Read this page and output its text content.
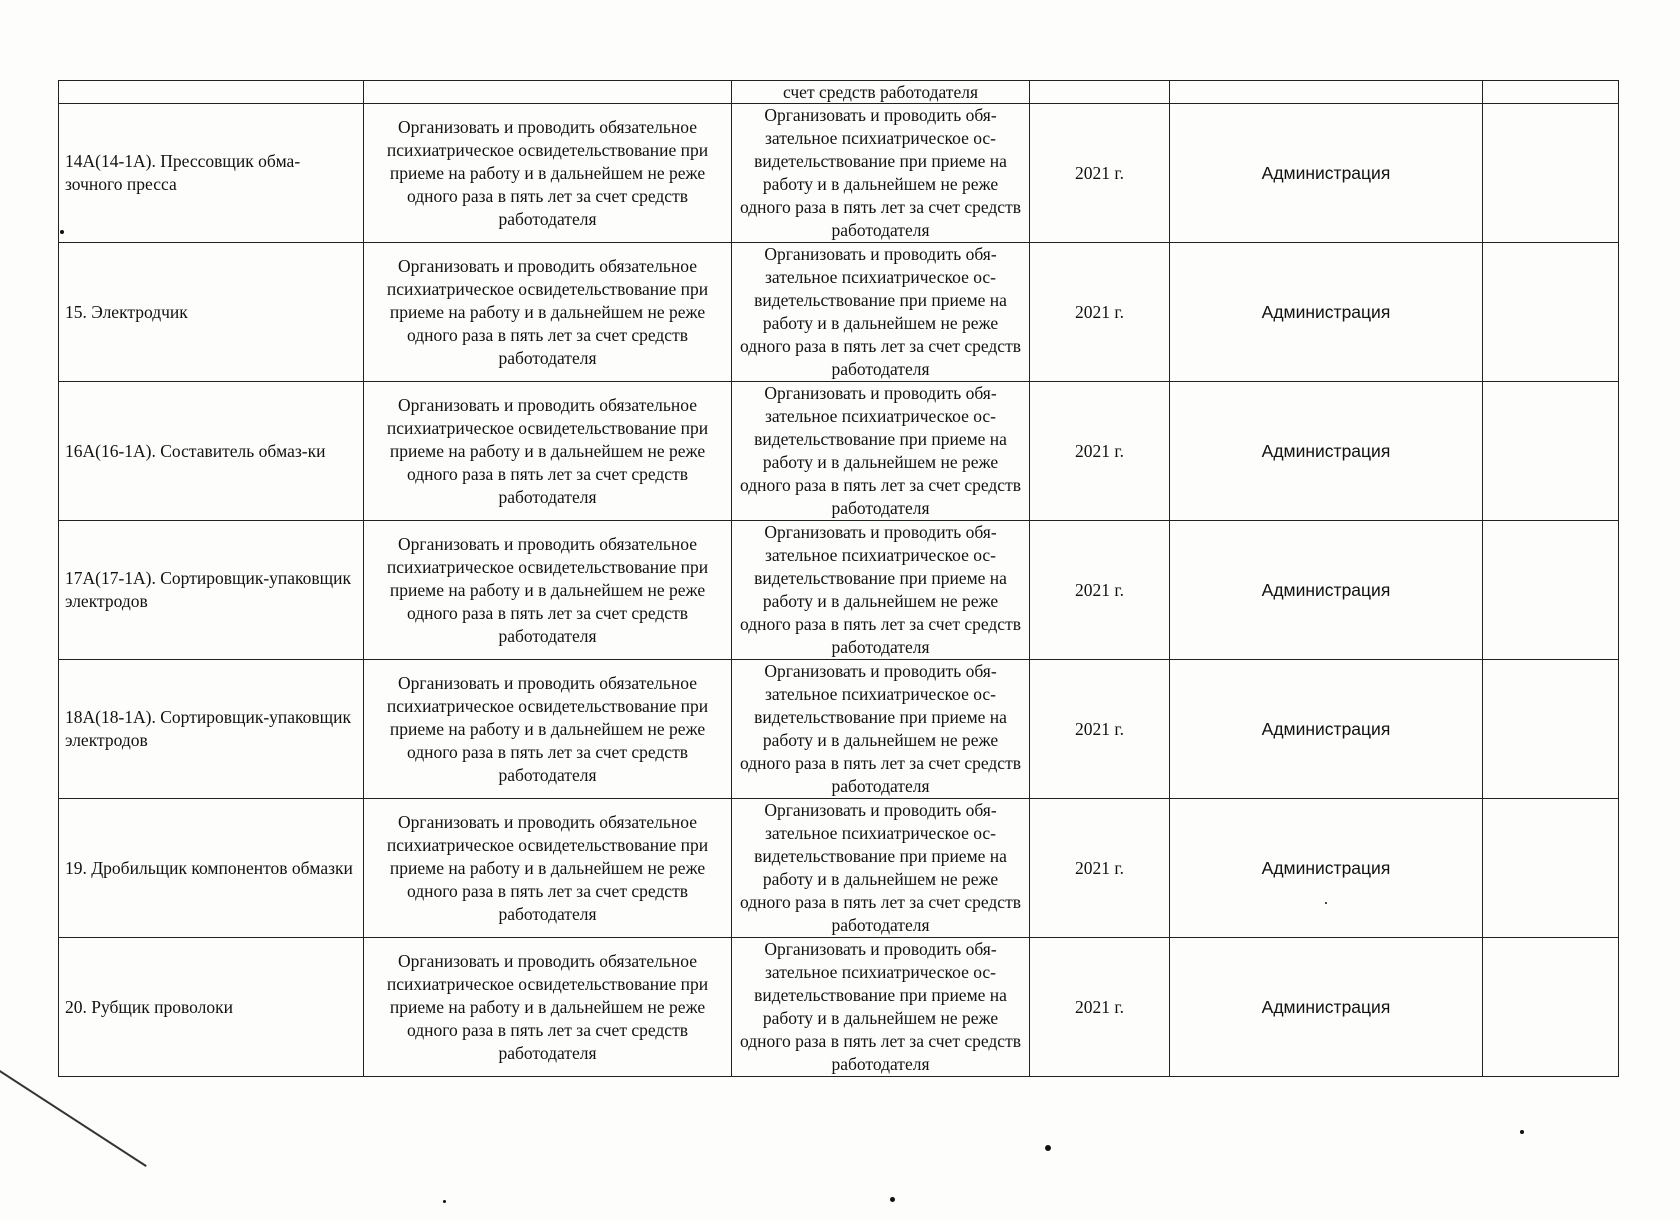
		счет средств работодателя			
14А(14-1А). Прессовщик обма-зочного пресса	Организовать и проводить обязательное психиатрическое освидетельствование при приеме на работу и в дальнейшем не реже одного раза в пять лет за счет средств работодателя	Организовать и проводить обя-зательное психиатрическое ос-видетельствование при приеме на работу и в дальнейшем не реже одного раза в пять лет за счет средств работодателя	2021 г.	Администрация	
15. Электродчик	Организовать и проводить обязательное психиатрическое освидетельствование при приеме на работу и в дальнейшем не реже одного раза в пять лет за счет средств работодателя	Организовать и проводить обя-зательное психиатрическое ос-видетельствование при приеме на работу и в дальнейшем не реже одного раза в пять лет за счет средств работодателя	2021 г.	Администрация	
16А(16-1А). Составитель обмаз-ки	Организовать и проводить обязательное психиатрическое освидетельствование при приеме на работу и в дальнейшем не реже одного раза в пять лет за счет средств работодателя	Организовать и проводить обя-зательное психиатрическое ос-видетельствование при приеме на работу и в дальнейшем не реже одного раза в пять лет за счет средств работодателя	2021 г.	Администрация	
17А(17-1А). Сортировщик-упаковщик электродов	Организовать и проводить обязательное психиатрическое освидетельствование при приеме на работу и в дальнейшем не реже одного раза в пять лет за счет средств работодателя	Организовать и проводить обя-зательное психиатрическое ос-видетельствование при приеме на работу и в дальнейшем не реже одного раза в пять лет за счет средств работодателя	2021 г.	Администрация	
18А(18-1А). Сортировщик-упаковщик электродов	Организовать и проводить обязательное психиатрическое освидетельствование при приеме на работу и в дальнейшем не реже одного раза в пять лет за счет средств работодателя	Организовать и проводить обя-зательное психиатрическое ос-видетельствование при приеме на работу и в дальнейшем не реже одного раза в пять лет за счет средств работодателя	2021 г.	Администрация	
19. Дробильщик компонентов обмазки	Организовать и проводить обязательное психиатрическое освидетельствование при приеме на работу и в дальнейшем не реже одного раза в пять лет за счет средств работодателя	Организовать и проводить обя-зательное психиатрическое ос-видетельствование при приеме на работу и в дальнейшем не реже одного раза в пять лет за счет средств работодателя	2021 г.	Администрация	
20. Рубщик проволоки	Организовать и проводить обязательное психиатрическое освидетельствование при приеме на работу и в дальнейшем не реже одного раза в пять лет за счет средств работодателя	Организовать и проводить обя-зательное психиатрическое ос-видетельствование при приеме на работу и в дальнейшем не реже одного раза в пять лет за счет средств работодателя	2021 г.	Администрация	
